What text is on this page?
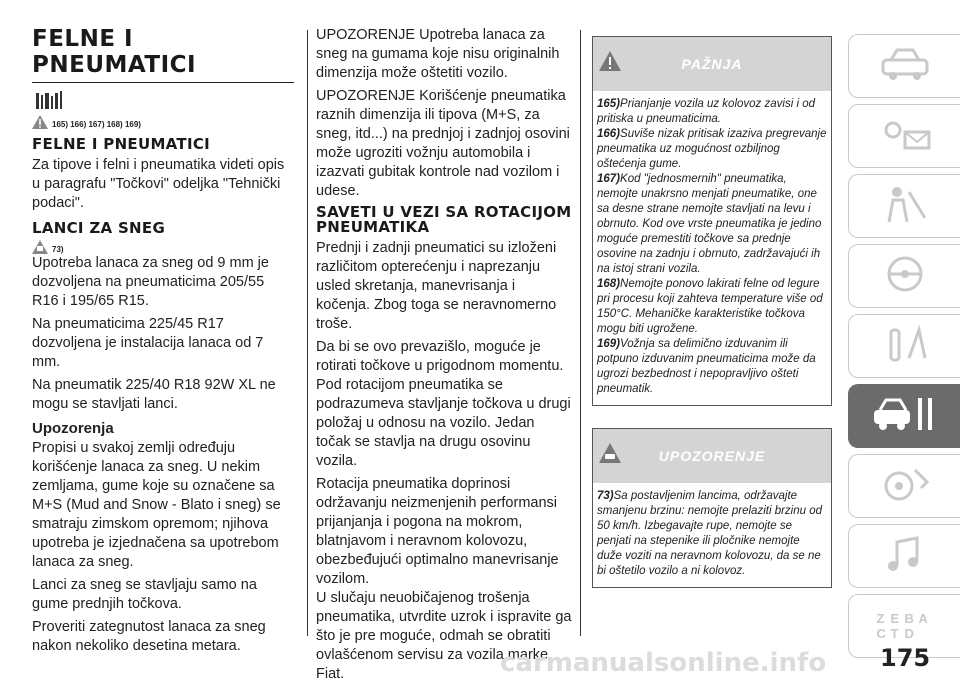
FELNE I PNEUMATICI
165) 166) 167) 168) 169)
FELNE I PNEUMATICI

Za tipove i felni i pneumatika videti opis u paragrafu "Točkovi" odeljka "Tehnički podaci".

LANCI ZA SNEG
73)

Upotreba lanaca za sneg od 9 mm je dozvoljena na pneumaticima 205/55 R16 i 195/65 R15.

Na pneumaticima 225/45 R17 dozvoljena je instalacija lanaca od 7 mm.

Na pneumatik 225/40 R18 92W XL ne mogu se stavljati lanci.

Upozorenja

Propisi u svakoj zemlji određuju korišćenje lanaca za sneg. U nekim zemljama, gume koje su označene sa M+S (Mud and Snow - Blato i sneg) se smatraju zimskom opremom; njihova upotreba je izjednačena sa upotrebom lanaca za sneg.

Lanci za sneg se stavljaju samo na gume prednjih točkova.

Proveriti zategnutost lanaca za sneg nakon nekoliko desetina metara.

UPOZORENJE Upotreba lanaca za sneg na gumama koje nisu originalnih dimenzija može oštetiti vozilo.

UPOZORENJE Korišćenje pneumatika raznih dimenzija ili tipova (M+S, za sneg, itd...) na prednjoj i zadnjoj osovini može ugroziti vožnju automobila i izazvati gubitak kontrole nad vozilom i udese.

SAVETI U VEZI SA ROTACIJOM PNEUMATIKA

Prednji i zadnji pneumatici su izloženi različitom opterećenju i naprezanju usled skretanja, manevrisanja i kočenja. Zbog toga se neravnomerno troše.

Da bi se ovo prevazišlo, moguće je rotirati točkove u prigodnom momentu. Pod rotacijom pneumatika se podrazumeva stavljanje točkova u drugi položaj u odnosu na vozilo. Jedan točak se stavlja na drugu osovinu vozila.

Rotacija pneumatika doprinosi održavanju neizmenjenih performansi prijanjanja i pogona na mokrom, blatnjavom i neravnom kolovozu, obezbeđujući optimalno manevrisanje vozilom.

U slučaju neuobičajenog trošenja pneumatika, utvrdite uzrok i ispravite ga što je pre moguće, odmah se obratiti ovlašćenom servisu za vozila marke Fiat.

PAŽNJA

165)Prianjanje vozila uz kolovoz zavisi i od pritiska u pneumaticima.

166)Suviše nizak pritisak izaziva pregrevanje pneumatika uz mogućnost ozbiljnog oštećenja gume.

167)Kod "jednosmernih" pneumatika, nemojte unakrsno menjati pneumatike, one sa desne strane nemojte stavljati na levu i obrnuto. Kod ove vrste pneumatika je jedino moguće premestiti točkove sa prednje osovine na zadnju i obrnuto, zadržavajući ih na istoj strani vozila.

168)Nemojte ponovo lakirati felne od legure pri procesu koji zahteva temperature više od 150°C. Mehaničke karakteristike točkova mogu biti ugrožene.

169)Vožnja sa delimično izduvanim ili potpuno izduvanim pneumaticima može da ugrozi bezbednost i nepopravljivo ošteti pneumatik.

UPOZORENJE

73)Sa postavljenim lancima, održavajte smanjenu brzinu: nemojte prelaziti brzinu od 50 km/h. Izbegavajte rupe, nemojte se penjati na stepenike ili pločnike nemojte duže voziti na neravnom kolovozu, da se ne bi oštetilo vozilo a ni kolovoz.

Z E B A
C T D
carmanualsonline.info 175
